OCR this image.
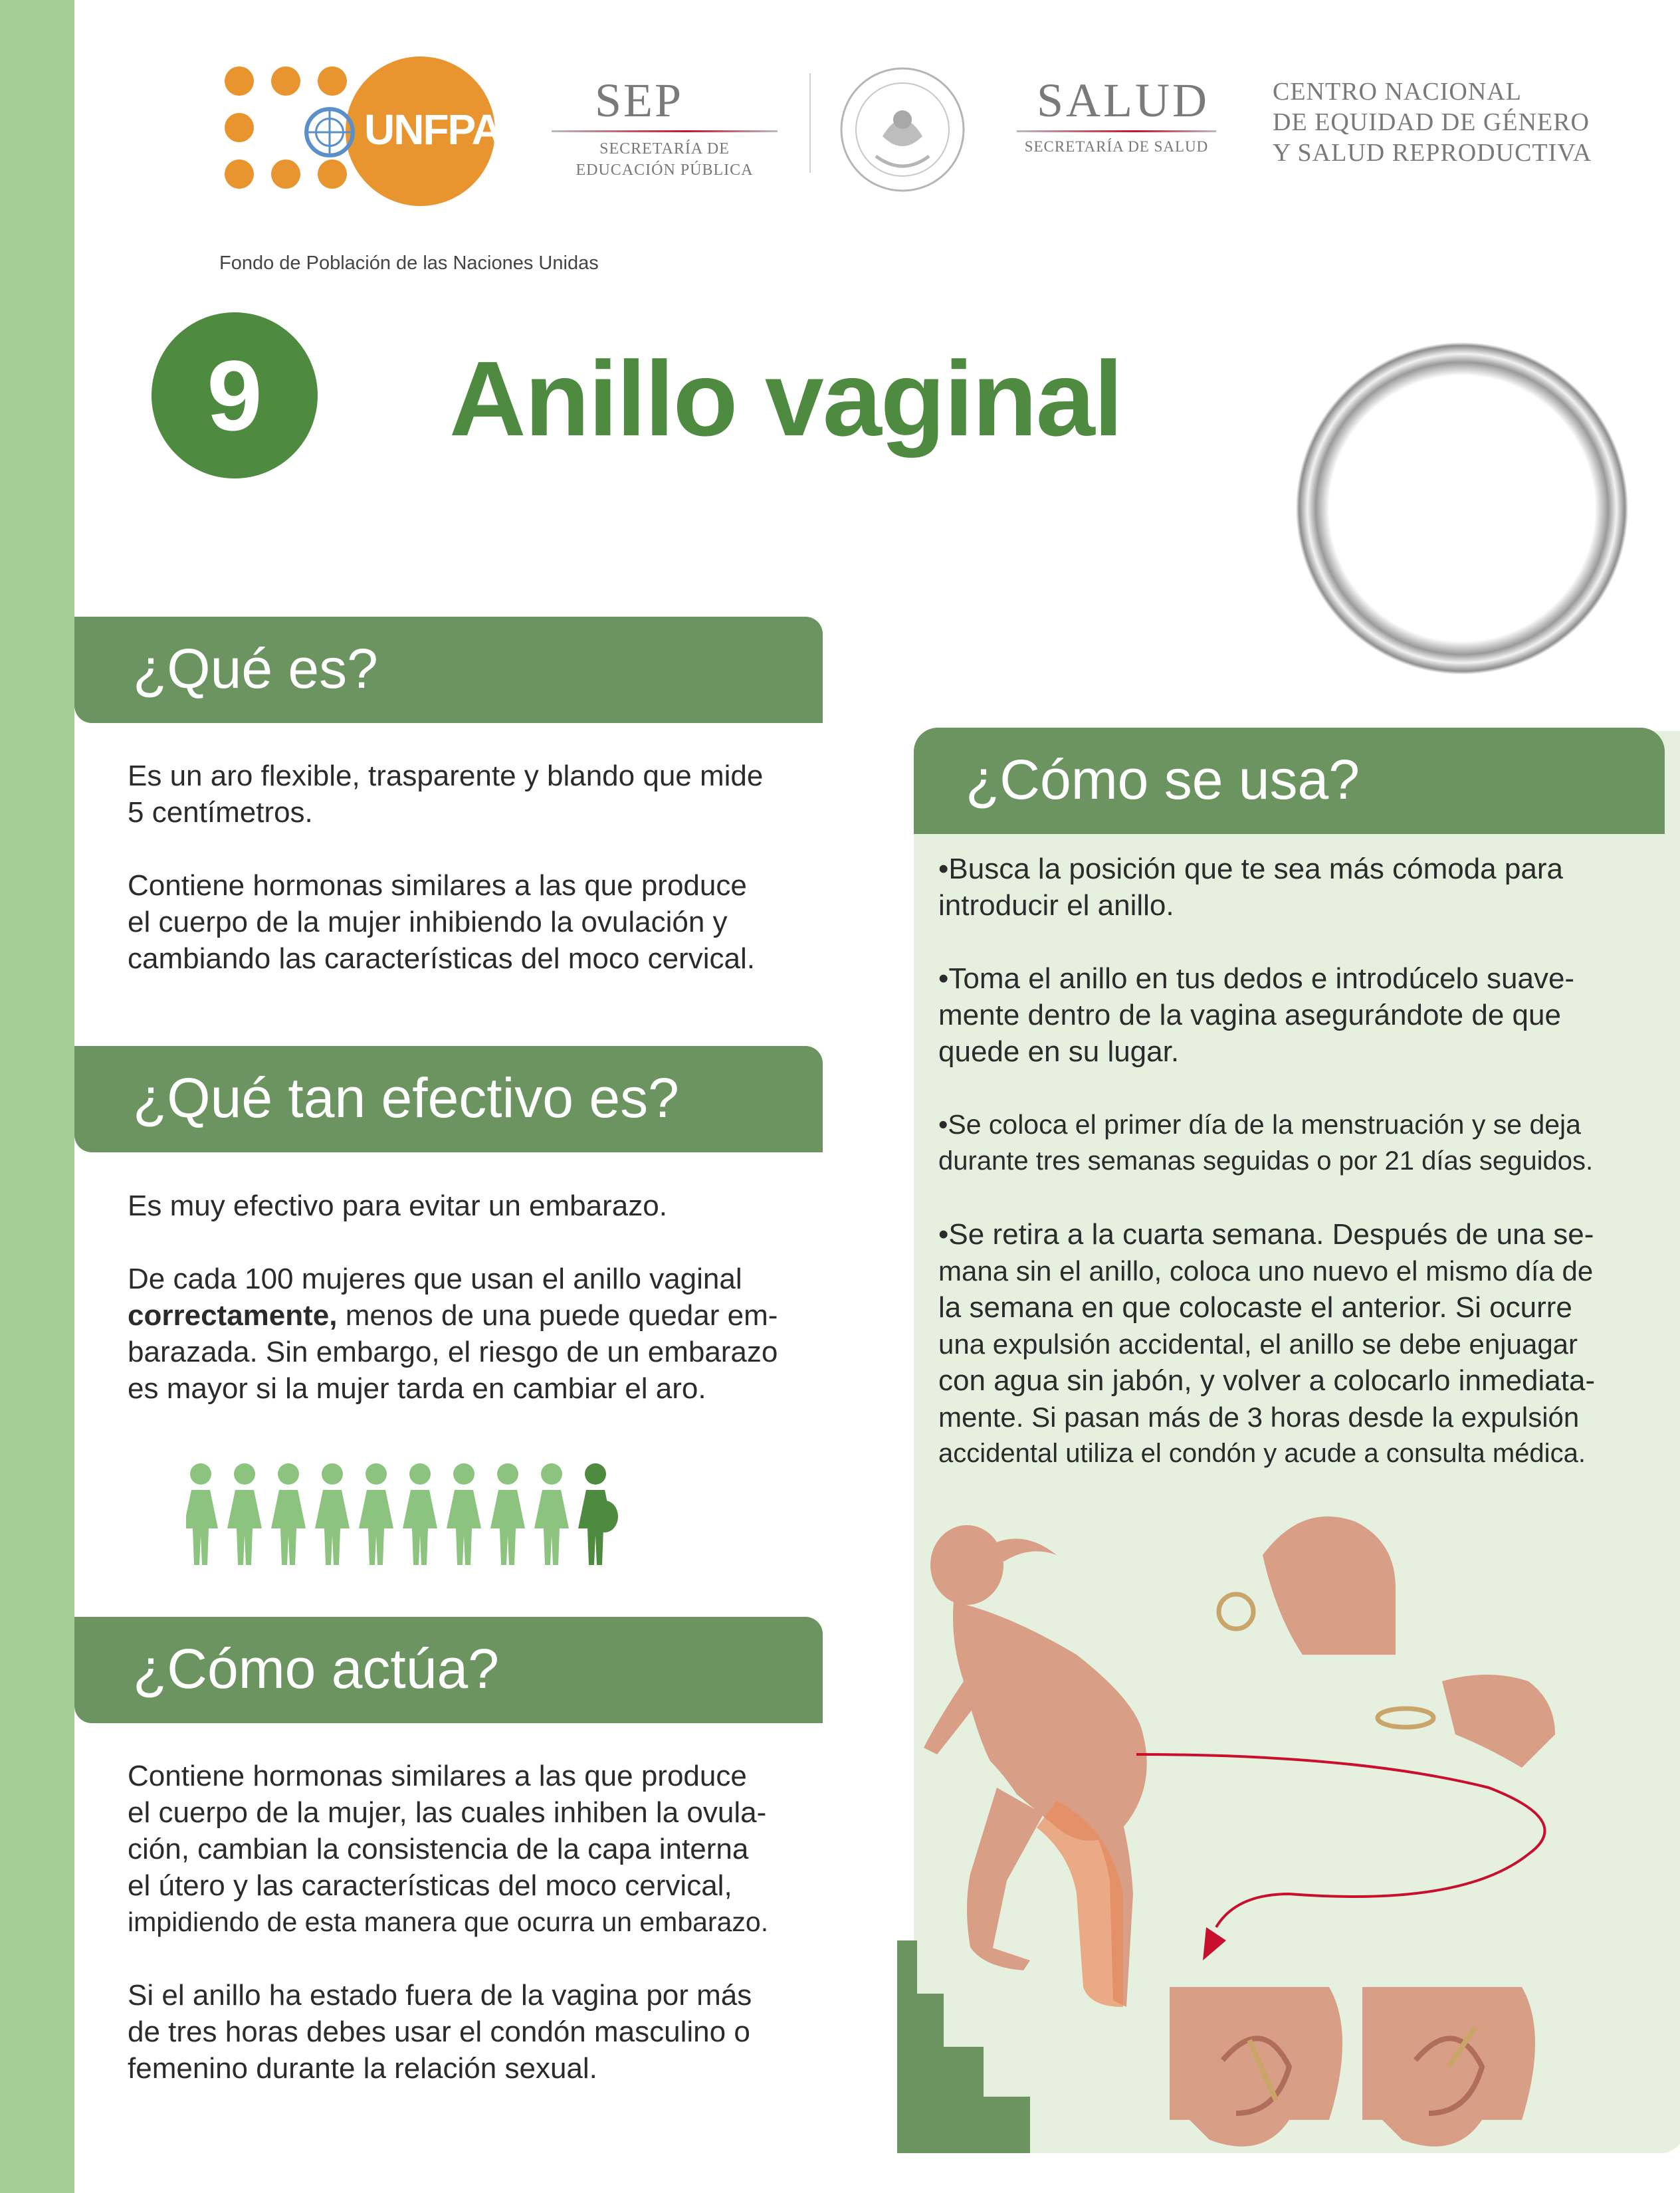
UNFPA
Fondo de Población de las Naciones Unidas
SEP
SECRETARÍA DE
EDUCACIÓN PÚBLICA
SALUD
SECRETARÍA DE SALUD
CENTRO NACIONAL
DE EQUIDAD DE GÉNERO
Y SALUD REPRODUCTIVA
9	Anillo vaginal
¿Qué es?

Es un aro flexible, trasparente y blando que mide

5 centímetros.

Contiene hormonas similares a las que produce

el cuerpo de la mujer inhibiendo la ovulación y

cambiando las características del moco cervical.

¿Qué tan efectivo es?

Es muy efectivo para evitar un embarazo.

De cada 100 mujeres que usan el anillo vaginal

correctamente, menos de una puede quedar em-

barazada. Sin embargo, el riesgo de un embarazo

es mayor si la mujer tarda en cambiar el aro.

¿Cómo actúa?

Contiene hormonas similares a las que produce

el cuerpo de la mujer, las cuales inhiben la ovula-

ción, cambian la consistencia de la capa interna

el útero y las características del moco cervical,

impidiendo de esta manera que ocurra un embarazo.

Si el anillo ha estado fuera de la vagina por más

de tres horas debes usar el condón masculino o

femenino durante la relación sexual.

¿Cómo se usa?

•Busca la posición que te sea más cómoda para

introducir el anillo.

•Toma el anillo en tus dedos e introdúcelo suave-

mente dentro de la vagina asegurándote de que

quede en su lugar.

•Se coloca el primer día de la menstruación y se deja

durante tres semanas seguidas o por 21 días seguidos.

•Se retira a la cuarta semana. Después de una se-

mana sin el anillo, coloca uno nuevo el mismo día de

la semana en que colocaste el anterior. Si ocurre

una expulsión accidental, el anillo se debe enjuagar

con agua sin jabón, y volver a colocarlo inmediata-

mente. Si pasan más de 3 horas desde la expulsión

accidental utiliza el condón y acude a consulta médica.
